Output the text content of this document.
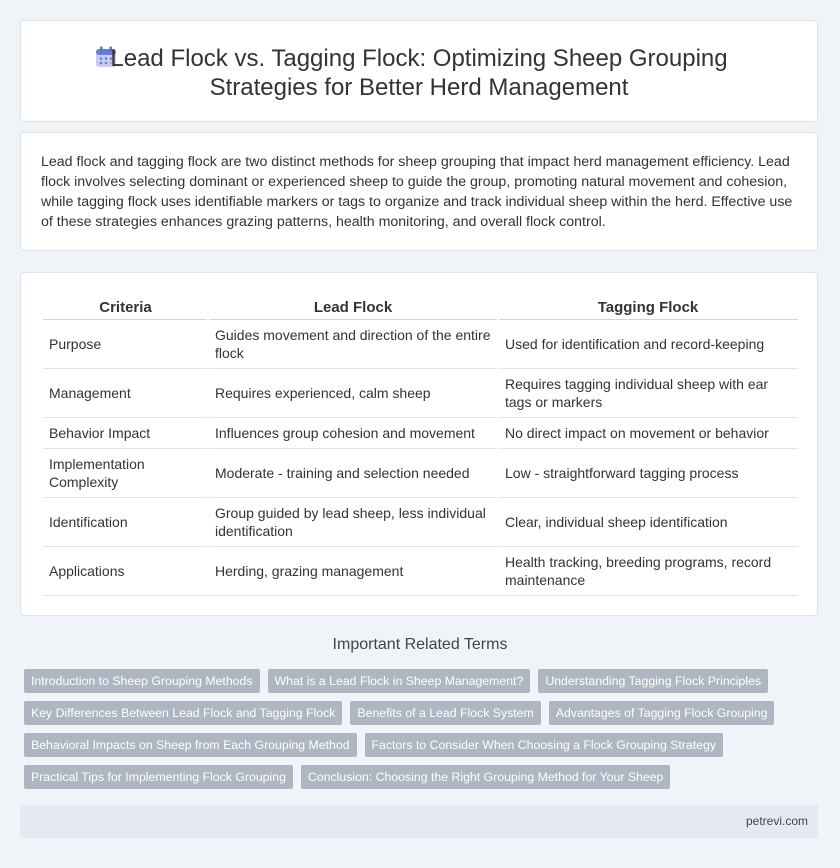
Lead Flock vs. Tagging Flock: Optimizing Sheep Grouping Strategies for Better Herd Management

Lead flock and tagging flock are two distinct methods for sheep grouping that impact herd management efficiency. Lead flock involves selecting dominant or experienced sheep to guide the group, promoting natural movement and cohesion, while tagging flock uses identifiable markers or tags to organize and track individual sheep within the herd. Effective use of these strategies enhances grazing patterns, health monitoring, and overall flock control.

Criteria	Lead Flock	Tagging Flock
Purpose	Guides movement and direction of the entire flock	Used for identification and record-keeping
Management	Requires experienced, calm sheep	Requires tagging individual sheep with ear tags or markers
Behavior Impact	Influences group cohesion and movement	No direct impact on movement or behavior
Implementation Complexity	Moderate - training and selection needed	Low - straightforward tagging process
Identification	Group guided by lead sheep, less individual identification	Clear, individual sheep identification
Applications	Herding, grazing management	Health tracking, breeding programs, record maintenance
Important Related Terms
Introduction to Sheep Grouping Methods	What is a Lead Flock in Sheep Management?	Understanding Tagging Flock Principles
Key Differences Between Lead Flock and Tagging Flock	Benefits of a Lead Flock System	Advantages of Tagging Flock Grouping
Behavioral Impacts on Sheep from Each Grouping Method	Factors to Consider When Choosing a Flock Grouping Strategy
Practical Tips for Implementing Flock Grouping	Conclusion: Choosing the Right Grouping Method for Your Sheep
petrevi.com
